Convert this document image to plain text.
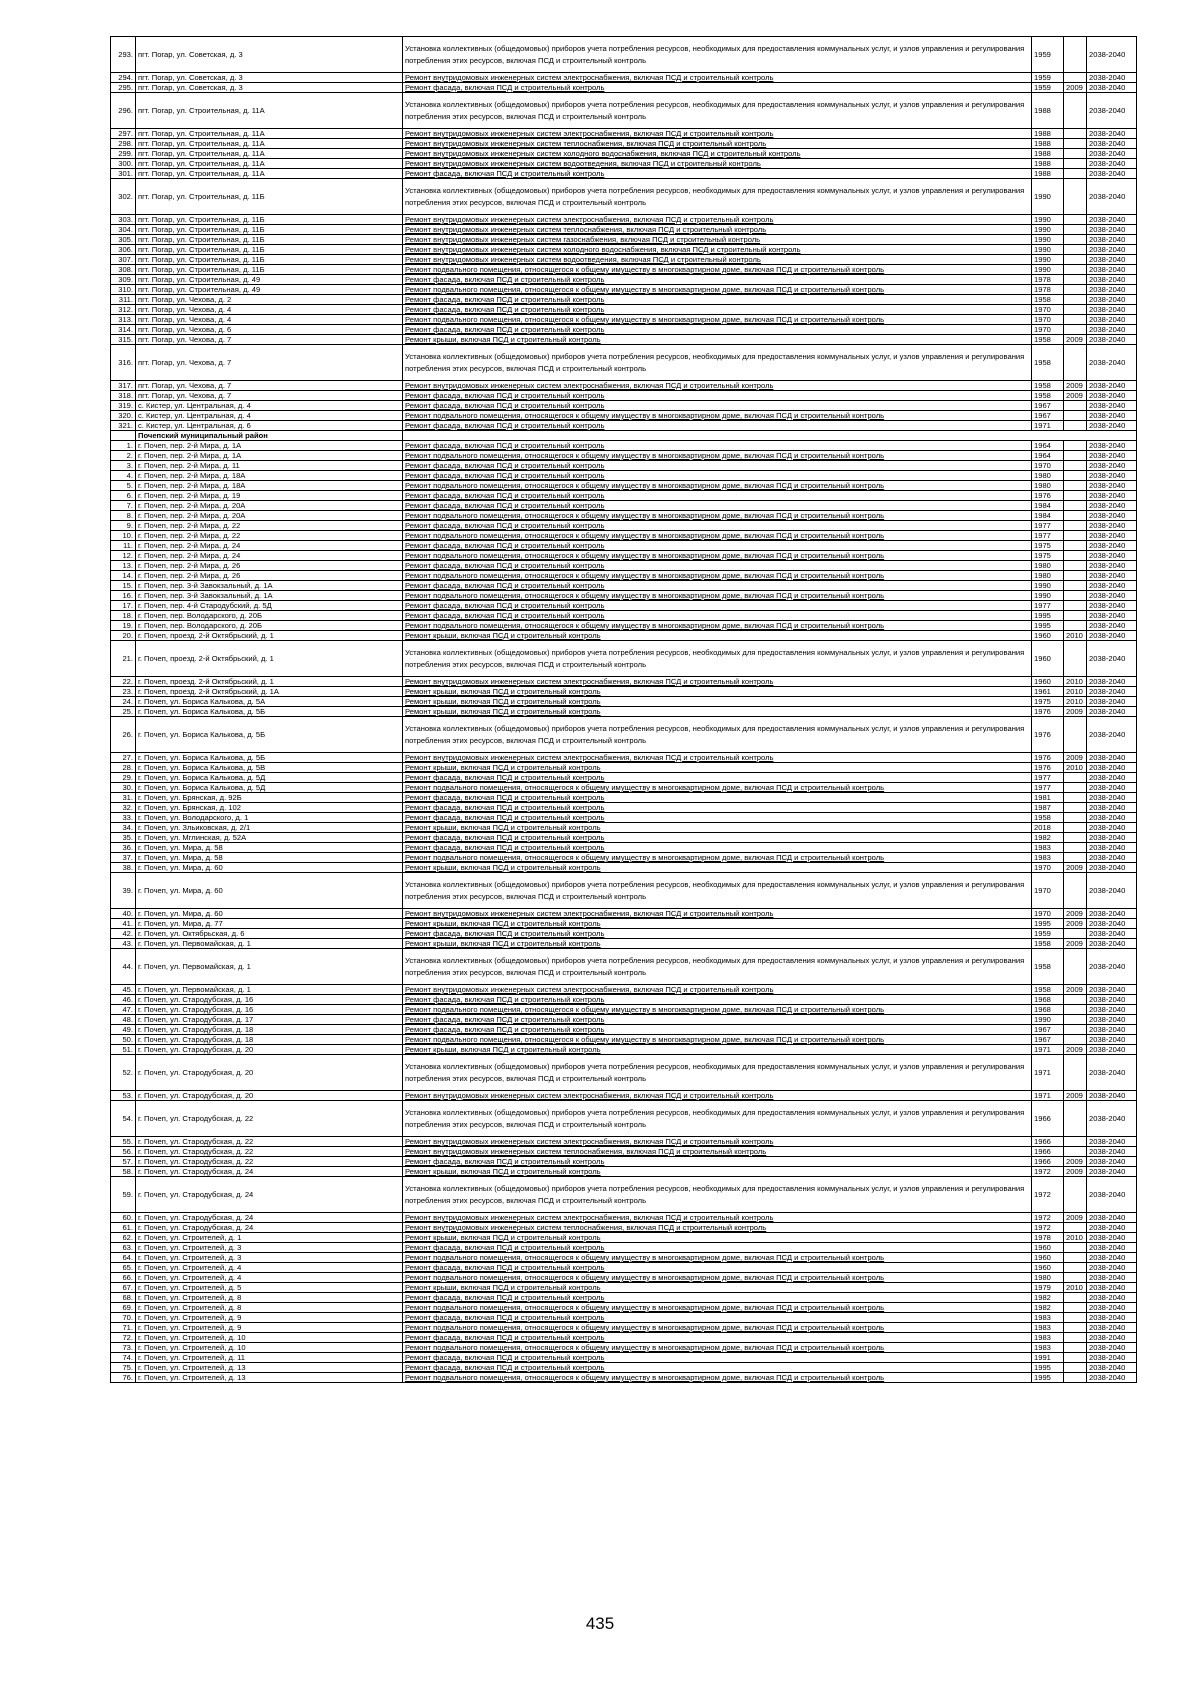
293.	пгт. Погар, ул. Советская, д. 3	Установка коллективных (общедомовых) приборов учета потребления ресурсов, необходимых для предоставления коммунальных услуг, и узлов управления и регулирования потребления этих ресурсов, включая ПСД и строительный контроль	1959		2038-2040
294.	пгт. Погар, ул. Советская, д. 3	Ремонт внутридомовых инженерных систем электроснабжения, включая ПСД и строительный контроль	1959		2038-2040
295.	пгт. Погар, ул. Советская, д. 3	Ремонт фасада, включая ПСД и строительный контроль	1959	2009	2038-2040
296.	пгт. Погар, ул. Строительная, д. 11А	Установка коллективных (общедомовых) приборов учета потребления ресурсов, необходимых для предоставления коммунальных услуг, и узлов управления и регулирования потребления этих ресурсов, включая ПСД и строительный контроль	1988		2038-2040
297.	пгт. Погар, ул. Строительная, д. 11А	Ремонт внутридомовых инженерных систем электроснабжения, включая ПСД и строительный контроль	1988		2038-2040
298.	пгт. Погар, ул. Строительная, д. 11А	Ремонт внутридомовых инженерных систем теплоснабжения, включая ПСД и строительный контроль	1988		2038-2040
299.	пгт. Погар, ул. Строительная, д. 11А	Ремонт внутридомовых инженерных систем холодного водоснабжения, включая ПСД и строительный контроль	1988		2038-2040
300.	пгт. Погар, ул. Строительная, д. 11А	Ремонт внутридомовых инженерных систем водоотведения, включая ПСД и строительный контроль	1988		2038-2040
301.	пгт. Погар, ул. Строительная, д. 11А	Ремонт фасада, включая ПСД и строительный контроль	1988		2038-2040
302.	пгт. Погар, ул. Строительная, д. 11Б	Установка коллективных (общедомовых) приборов учета потребления ресурсов, необходимых для предоставления коммунальных услуг, и узлов управления и регулирования потребления этих ресурсов, включая ПСД и строительный контроль	1990		2038-2040
303.	пгт. Погар, ул. Строительная, д. 11Б	Ремонт внутридомовых инженерных систем электроснабжения, включая ПСД и строительный контроль	1990		2038-2040
304.	пгт. Погар, ул. Строительная, д. 11Б	Ремонт внутридомовых инженерных систем теплоснабжения, включая ПСД и строительный контроль	1990		2038-2040
305.	пгт. Погар, ул. Строительная, д. 11Б	Ремонт внутридомовых инженерных систем газоснабжения, включая ПСД и строительный контроль	1990		2038-2040
306.	пгт. Погар, ул. Строительная, д. 11Б	Ремонт внутридомовых инженерных систем холодного водоснабжения, включая ПСД и строительный контроль	1990		2038-2040
307.	пгт. Погар, ул. Строительная, д. 11Б	Ремонт внутридомовых инженерных систем водоотведения, включая ПСД и строительный контроль	1990		2038-2040
308.	пгт. Погар, ул. Строительная, д. 11Б	Ремонт подвального помещения, относящегося к общему имуществу в многоквартирном доме, включая ПСД и строительный контроль	1990		2038-2040
309.	пгт. Погар, ул. Строительная, д. 49	Ремонт фасада, включая ПСД и строительный контроль	1978		2038-2040
310.	пгт. Погар, ул. Строительная, д. 49	Ремонт подвального помещения, относящегося к общему имуществу в многоквартирном доме, включая ПСД и строительный контроль	1978		2038-2040
311.	пгт. Погар, ул. Чехова, д. 2	Ремонт фасада, включая ПСД и строительный контроль	1958		2038-2040
312.	пгт. Погар, ул. Чехова, д. 4	Ремонт фасада, включая ПСД и строительный контроль	1970		2038-2040
313.	пгт. Погар, ул. Чехова, д. 4	Ремонт подвального помещения, относящегося к общему имуществу в многоквартирном доме, включая ПСД и строительный контроль	1970		2038-2040
314.	пгт. Погар, ул. Чехова, д. 6	Ремонт фасада, включая ПСД и строительный контроль	1970		2038-2040
315.	пгт. Погар, ул. Чехова, д. 7	Ремонт крыши, включая ПСД и строительный контроль	1958	2009	2038-2040
316.	пгт. Погар, ул. Чехова, д. 7	Установка коллективных (общедомовых) приборов учета потребления ресурсов, необходимых для предоставления коммунальных услуг, и узлов управления и регулирования потребления этих ресурсов, включая ПСД и строительный контроль	1958		2038-2040
317.	пгт. Погар, ул. Чехова, д. 7	Ремонт внутридомовых инженерных систем электроснабжения, включая ПСД и строительный контроль	1958	2009	2038-2040
318.	пгт. Погар, ул. Чехова, д. 7	Ремонт фасада, включая ПСД и строительный контроль	1958	2009	2038-2040
319.	с. Кистер, ул. Центральная, д. 4	Ремонт фасада, включая ПСД и строительный контроль	1967		2038-2040
320.	с. Кистер, ул. Центральная, д. 4	Ремонт подвального помещения, относящегося к общему имуществу в многоквартирном доме, включая ПСД и строительный контроль	1967		2038-2040
321.	с. Кистер, ул. Центральная, д. 6	Ремонт фасада, включая ПСД и строительный контроль	1971		2038-2040
	Почепский муниципальный район				
1.	г. Почеп, пер. 2-й Мира, д. 1А	Ремонт фасада, включая ПСД и строительный контроль	1964		2038-2040
2.	г. Почеп, пер. 2-й Мира, д. 1А	Ремонт подвального помещения, относящегося к общему имуществу в многоквартирном доме, включая ПСД и строительный контроль	1964		2038-2040
3.	г. Почеп, пер. 2-й Мира, д. 11	Ремонт фасада, включая ПСД и строительный контроль	1970		2038-2040
4.	г. Почеп, пер. 2-й Мира, д. 18А	Ремонт фасада, включая ПСД и строительный контроль	1980		2038-2040
5.	г. Почеп, пер. 2-й Мира, д. 18А	Ремонт подвального помещения, относящегося к общему имуществу в многоквартирном доме, включая ПСД и строительный контроль	1980		2038-2040
6.	г. Почеп, пер. 2-й Мира, д. 19	Ремонт фасада, включая ПСД и строительный контроль	1976		2038-2040
7.	г. Почеп, пер. 2-й Мира, д. 20А	Ремонт фасада, включая ПСД и строительный контроль	1984		2038-2040
8.	г. Почеп, пер. 2-й Мира, д. 20А	Ремонт подвального помещения, относящегося к общему имуществу в многоквартирном доме, включая ПСД и строительный контроль	1984		2038-2040
9.	г. Почеп, пер. 2-й Мира, д. 22	Ремонт фасада, включая ПСД и строительный контроль	1977		2038-2040
10.	г. Почеп, пер. 2-й Мира, д. 22	Ремонт подвального помещения, относящегося к общему имуществу в многоквартирном доме, включая ПСД и строительный контроль	1977		2038-2040
11.	г. Почеп, пер. 2-й Мира, д. 24	Ремонт фасада, включая ПСД и строительный контроль	1975		2038-2040
12.	г. Почеп, пер. 2-й Мира, д. 24	Ремонт подвального помещения, относящегося к общему имуществу в многоквартирном доме, включая ПСД и строительный контроль	1975		2038-2040
13.	г. Почеп, пер. 2-й Мира, д. 26	Ремонт фасада, включая ПСД и строительный контроль	1980		2038-2040
14.	г. Почеп, пер. 2-й Мира, д. 26	Ремонт подвального помещения, относящегося к общему имуществу в многоквартирном доме, включая ПСД и строительный контроль	1980		2038-2040
15.	г. Почеп, пер. 3-й Завокзальный, д. 1А	Ремонт фасада, включая ПСД и строительный контроль	1990		2038-2040
16.	г. Почеп, пер. 3-й Завокзальный, д. 1А	Ремонт подвального помещения, относящегося к общему имуществу в многоквартирном доме, включая ПСД и строительный контроль	1990		2038-2040
17.	г. Почеп, пер. 4-й Стародубский, д. 5Д	Ремонт фасада, включая ПСД и строительный контроль	1977		2038-2040
18.	г. Почеп, пер. Володарского, д. 20Б	Ремонт фасада, включая ПСД и строительный контроль	1995		2038-2040
19.	г. Почеп, пер. Володарского, д. 20Б	Ремонт подвального помещения, относящегося к общему имуществу в многоквартирном доме, включая ПСД и строительный контроль	1995		2038-2040
20.	г. Почеп, проезд. 2-й Октябрьский, д. 1	Ремонт крыши, включая ПСД и строительный контроль	1960	2010	2038-2040
21.	г. Почеп, проезд. 2-й Октябрьский, д. 1	Установка коллективных (общедомовых) приборов учета потребления ресурсов, необходимых для предоставления коммунальных услуг, и узлов управления и регулирования потребления этих ресурсов, включая ПСД и строительный контроль	1960		2038-2040
22.	г. Почеп, проезд. 2-й Октябрьский, д. 1	Ремонт внутридомовых инженерных систем электроснабжения, включая ПСД и строительный контроль	1960	2010	2038-2040
23.	г. Почеп, проезд. 2-й Октябрьский, д. 1А	Ремонт крыши, включая ПСД и строительный контроль	1961	2010	2038-2040
24.	г. Почеп, ул. Бориса Калькова, д. 5А	Ремонт крыши, включая ПСД и строительный контроль	1975	2010	2038-2040
25.	г. Почеп, ул. Бориса Калькова, д. 5Б	Ремонт крыши, включая ПСД и строительный контроль	1976	2009	2038-2040
26.	г. Почеп, ул. Бориса Калькова, д. 5Б	Установка коллективных (общедомовых) приборов учета потребления ресурсов, необходимых для предоставления коммунальных услуг, и узлов управления и регулирования потребления этих ресурсов, включая ПСД и строительный контроль	1976		2038-2040
27.	г. Почеп, ул. Бориса Калькова, д. 5Б	Ремонт внутридомовых инженерных систем электроснабжения, включая ПСД и строительный контроль	1976	2009	2038-2040
28.	г. Почеп, ул. Бориса Калькова, д. 5В	Ремонт крыши, включая ПСД и строительный контроль	1976	2010	2038-2040
29.	г. Почеп, ул. Бориса Калькова, д. 5Д	Ремонт фасада, включая ПСД и строительный контроль	1977		2038-2040
30.	г. Почеп, ул. Бориса Калькова, д. 5Д	Ремонт подвального помещения, относящегося к общему имуществу в многоквартирном доме, включая ПСД и строительный контроль	1977		2038-2040
31.	г. Почеп, ул. Брянская, д. 92Б	Ремонт фасада, включая ПСД и строительный контроль	1981		2038-2040
32.	г. Почеп, ул. Брянская, д. 102	Ремонт фасада, включая ПСД и строительный контроль	1987		2038-2040
33.	г. Почеп, ул. Володарского, д. 1	Ремонт фасада, включая ПСД и строительный контроль	1958		2038-2040
34.	г. Почеп, ул. Зльиковская, д. 2/1	Ремонт крыши, включая ПСД и строительный контроль	2018		2038-2040
35.	г. Почеп, ул. Мглинская, д. 52А	Ремонт фасада, включая ПСД и строительный контроль	1982		2038-2040
36.	г. Почеп, ул. Мира, д. 58	Ремонт фасада, включая ПСД и строительный контроль	1983		2038-2040
37.	г. Почеп, ул. Мира, д. 58	Ремонт подвального помещения, относящегося к общему имуществу в многоквартирном доме, включая ПСД и строительный контроль	1983		2038-2040
38.	г. Почеп, ул. Мира, д. 60	Ремонт крыши, включая ПСД и строительный контроль	1970	2009	2038-2040
39.	г. Почеп, ул. Мира, д. 60	Установка коллективных (общедомовых) приборов учета потребления ресурсов, необходимых для предоставления коммунальных услуг, и узлов управления и регулирования потребления этих ресурсов, включая ПСД и строительный контроль	1970		2038-2040
40.	г. Почеп, ул. Мира, д. 60	Ремонт внутридомовых инженерных систем электроснабжения, включая ПСД и строительный контроль	1970	2009	2038-2040
41.	г. Почеп, ул. Мира, д. 77	Ремонт крыши, включая ПСД и строительный контроль	1995	2009	2038-2040
42.	г. Почеп, ул. Октябрьская, д. 6	Ремонт фасада, включая ПСД и строительный контроль	1959		2038-2040
43.	г. Почеп, ул. Первомайская, д. 1	Ремонт крыши, включая ПСД и строительный контроль	1958	2009	2038-2040
44.	г. Почеп, ул. Первомайская, д. 1	Установка коллективных (общедомовых) приборов учета потребления ресурсов, необходимых для предоставления коммунальных услуг, и узлов управления и регулирования потребления этих ресурсов, включая ПСД и строительный контроль	1958		2038-2040
45.	г. Почеп, ул. Первомайская, д. 1	Ремонт внутридомовых инженерных систем электроснабжения, включая ПСД и строительный контроль	1958	2009	2038-2040
46.	г. Почеп, ул. Стародубская, д. 16	Ремонт фасада, включая ПСД и строительный контроль	1968		2038-2040
47.	г. Почеп, ул. Стародубская, д. 16	Ремонт подвального помещения, относящегося к общему имуществу в многоквартирном доме, включая ПСД и строительный контроль	1968		2038-2040
48.	г. Почеп, ул. Стародубская, д. 17	Ремонт фасада, включая ПСД и строительный контроль	1990		2038-2040
49.	г. Почеп, ул. Стародубская, д. 18	Ремонт фасада, включая ПСД и строительный контроль	1967		2038-2040
50.	г. Почеп, ул. Стародубская, д. 18	Ремонт подвального помещения, относящегося к общему имуществу в многоквартирном доме, включая ПСД и строительный контроль	1967		2038-2040
51.	г. Почеп, ул. Стародубская, д. 20	Ремонт крыши, включая ПСД и строительный контроль	1971	2009	2038-2040
52.	г. Почеп, ул. Стародубская, д. 20	Установка коллективных (общедомовых) приборов учета потребления ресурсов, необходимых для предоставления коммунальных услуг, и узлов управления и регулирования потребления этих ресурсов, включая ПСД и строительный контроль	1971		2038-2040
53.	г. Почеп, ул. Стародубская, д. 20	Ремонт внутридомовых инженерных систем электроснабжения, включая ПСД и строительный контроль	1971	2009	2038-2040
54.	г. Почеп, ул. Стародубская, д. 22	Установка коллективных (общедомовых) приборов учета потребления ресурсов, необходимых для предоставления коммунальных услуг, и узлов управления и регулирования потребления этих ресурсов, включая ПСД и строительный контроль	1966		2038-2040
55.	г. Почеп, ул. Стародубская, д. 22	Ремонт внутридомовых инженерных систем электроснабжения, включая ПСД и строительный контроль	1966		2038-2040
56.	г. Почеп, ул. Стародубская, д. 22	Ремонт внутридомовых инженерных систем теплоснабжения, включая ПСД и строительный контроль	1966		2038-2040
57.	г. Почеп, ул. Стародубская, д. 22	Ремонт фасада, включая ПСД и строительный контроль	1966	2009	2038-2040
58.	г. Почеп, ул. Стародубская, д. 24	Ремонт крыши, включая ПСД и строительный контроль	1972	2009	2038-2040
59.	г. Почеп, ул. Стародубская, д. 24	Установка коллективных (общедомовых) приборов учета потребления ресурсов, необходимых для предоставления коммунальных услуг, и узлов управления и регулирования потребления этих ресурсов, включая ПСД и строительный контроль	1972		2038-2040
60.	г. Почеп, ул. Стародубская, д. 24	Ремонт внутридомовых инженерных систем электроснабжения, включая ПСД и строительный контроль	1972	2009	2038-2040
61.	г. Почеп, ул. Стародубская, д. 24	Ремонт внутридомовых инженерных систем теплоснабжения, включая ПСД и строительный контроль	1972		2038-2040
62.	г. Почеп, ул. Строителей, д. 1	Ремонт крыши, включая ПСД и строительный контроль	1978	2010	2038-2040
63.	г. Почеп, ул. Строителей, д. 3	Ремонт фасада, включая ПСД и строительный контроль	1960		2038-2040
64.	г. Почеп, ул. Строителей, д. 3	Ремонт подвального помещения, относящегося к общему имуществу в многоквартирном доме, включая ПСД и строительный контроль	1960		2038-2040
65.	г. Почеп, ул. Строителей, д. 4	Ремонт фасада, включая ПСД и строительный контроль	1960		2038-2040
66.	г. Почеп, ул. Строителей, д. 4	Ремонт подвального помещения, относящегося к общему имуществу в многоквартирном доме, включая ПСД и строительный контроль	1980		2038-2040
67.	г. Почеп, ул. Строителей, д. 5	Ремонт крыши, включая ПСД и строительный контроль	1979	2010	2038-2040
68.	г. Почеп, ул. Строителей, д. 8	Ремонт фасада, включая ПСД и строительный контроль	1982		2038-2040
69.	г. Почеп, ул. Строителей, д. 8	Ремонт подвального помещения, относящегося к общему имуществу в многоквартирном доме, включая ПСД и строительный контроль	1982		2038-2040
70.	г. Почеп, ул. Строителей, д. 9	Ремонт фасада, включая ПСД и строительный контроль	1983		2038-2040
71.	г. Почеп, ул. Строителей, д. 9	Ремонт подвального помещения, относящегося к общему имуществу в многоквартирном доме, включая ПСД и строительный контроль	1983		2038-2040
72.	г. Почеп, ул. Строителей, д. 10	Ремонт фасада, включая ПСД и строительный контроль	1983		2038-2040
73.	г. Почеп, ул. Строителей, д. 10	Ремонт подвального помещения, относящегося к общему имуществу в многоквартирном доме, включая ПСД и строительный контроль	1983		2038-2040
74.	г. Почеп, ул. Строителей, д. 11	Ремонт фасада, включая ПСД и строительный контроль	1991		2038-2040
75.	г. Почеп, ул. Строителей, д. 13	Ремонт фасада, включая ПСД и строительный контроль	1995		2038-2040
76.	г. Почеп, ул. Строителей, д. 13	Ремонт подвального помещения, относящегося к общему имуществу в многоквартирном доме, включая ПСД и строительный контроль	1995		2038-2040
435
